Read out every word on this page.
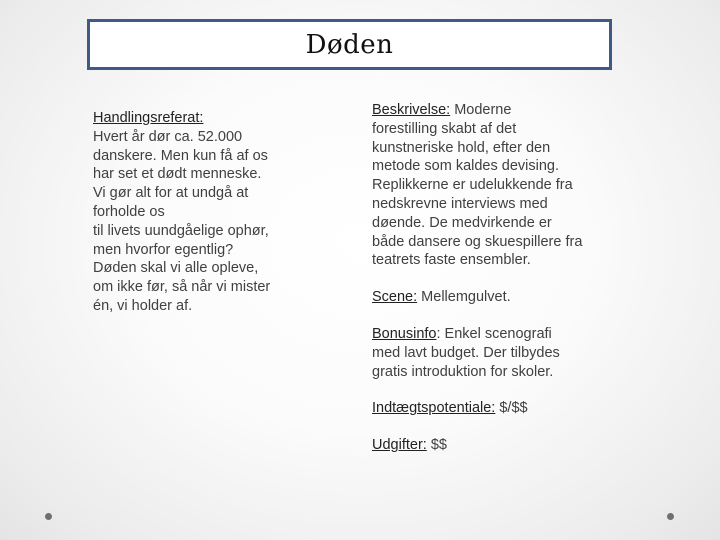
Døden
Handlingsreferat:
Hvert år dør ca. 52.000
danskere. Men kun få af os
har set et dødt menneske.
Vi gør alt for at undgå at
forholde os
til livets uundgåelige ophør,
men hvorfor egentlig?
Døden skal vi alle opleve,
om ikke før, så når vi mister
én, vi holder af.
Beskrivelse: Moderne
forestilling skabt af det
kunstneriske hold, efter den
metode som kaldes devising.
Replikkerne er udelukkende fra
nedskrevne interviews med
døende. De medvirkende er
både dansere og skuespillere fra
teatrets faste ensembler.
Scene: Mellemgulvet.
Bonusinfo: Enkel scenografi
med lavt budget. Der tilbydes
gratis introduktion for skoler.
Indtægtspotentiale: $/$$
Udgifter: $$
